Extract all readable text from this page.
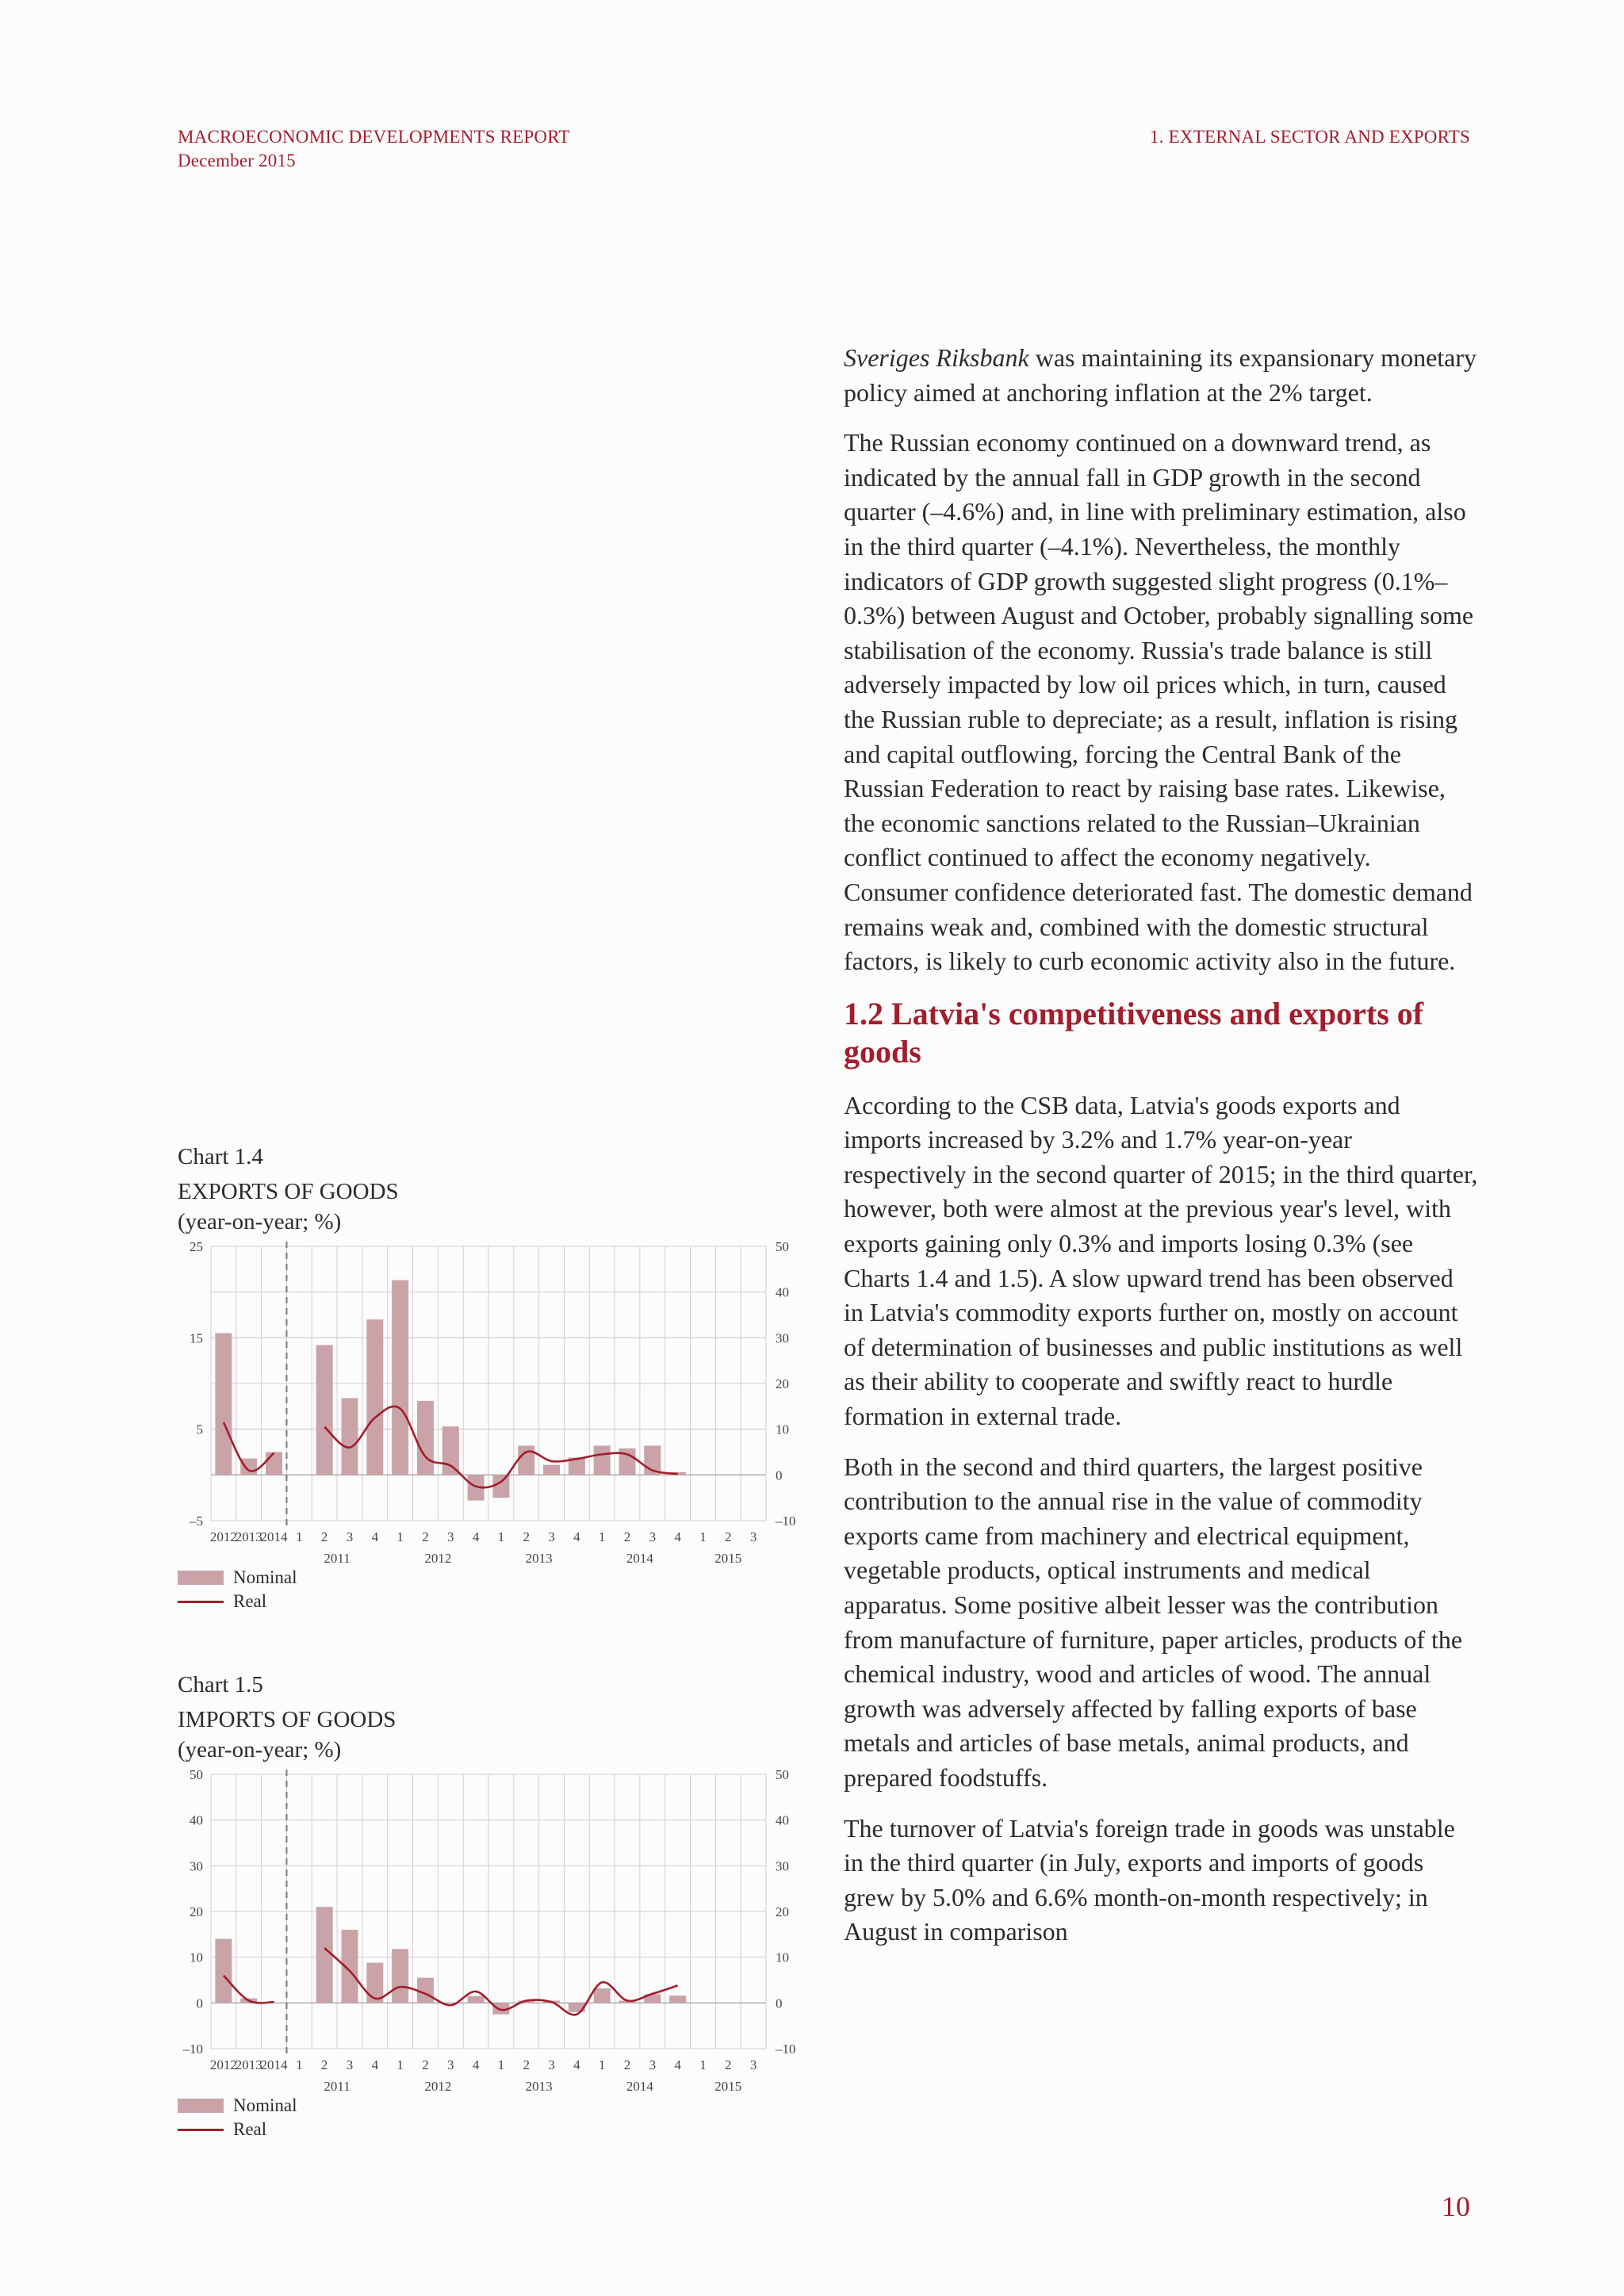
MACROECONOMIC DEVELOPMENTS REPORT
December 2015
1. EXTERNAL SECTOR AND EXPORTS

Sveriges Riksbank was maintaining its expansionary monetary policy aimed at anchoring inflation at the 2% target.

The Russian economy continued on a downward trend, as indicated by the annual fall in GDP growth in the second quarter (–4.6%) and, in line with preliminary estimation, also in the third quarter (–4.1%). Nevertheless, the monthly indicators of GDP growth suggested slight progress (0.1%–0.3%) between August and October, probably signalling some stabilisation of the economy. Russia's trade balance is still adversely impacted by low oil prices which, in turn, caused the Russian ruble to depreciate; as a result, inflation is rising and capital outflowing, forcing the Central Bank of the Russian Federation to react by raising base rates. Likewise, the economic sanctions related to the Russian–Ukrainian conflict continued to affect the economy negatively. Consumer confidence deteriorated fast. The domestic demand remains weak and, combined with the domestic structural factors, is likely to curb economic activity also in the future.

1.2 Latvia's competitiveness and exports of goods

According to the CSB data, Latvia's goods exports and imports increased by 3.2% and 1.7% year-on-year respectively in the second quarter of 2015; in the third quarter, however, both were almost at the previous year's level, with exports gaining only 0.3% and imports losing 0.3% (see Charts 1.4 and 1.5). A slow upward trend has been observed in Latvia's commodity exports further on, mostly on account of determination of businesses and public institutions as well as their ability to cooperate and swiftly react to hurdle formation in external trade.

Both in the second and third quarters, the largest positive contribution to the annual rise in the value of commodity exports came from machinery and electrical equipment, vegetable products, optical instruments and medical apparatus. Some positive albeit lesser was the contribution from manufacture of furniture, paper articles, products of the chemical industry, wood and articles of wood. The annual growth was adversely affected by falling exports of base metals and articles of base metals, animal products, and prepared foodstuffs.

The turnover of Latvia's foreign trade in goods was unstable in the third quarter (in July, exports and imports of goods grew by 5.0% and 6.6% month-on-month respectively; in August in comparison

Chart 1.4
EXPORTS OF GOODS
(year-on-year; %)
25
15
5
–5
50
40
30
20
10
0
–10
2012
2013
2014 1 2 3 4 1 2 3 4 1 2 3 4 1 2 3 4 1 2 3
2011	2012	2013	2014	2015
Nominal
Real
Chart 1.5
IMPORTS OF GOODS
(year-on-year; %)
50
40
30
20
10
0
–10
50
40
30
20
10
0
–10
2012
2013
2014 1 2 3 4 1 2 3 4 1 2 3 4 1 2 3 4 1 2 3
2011	2012	2013	2014	2015
Nominal
Real
10
